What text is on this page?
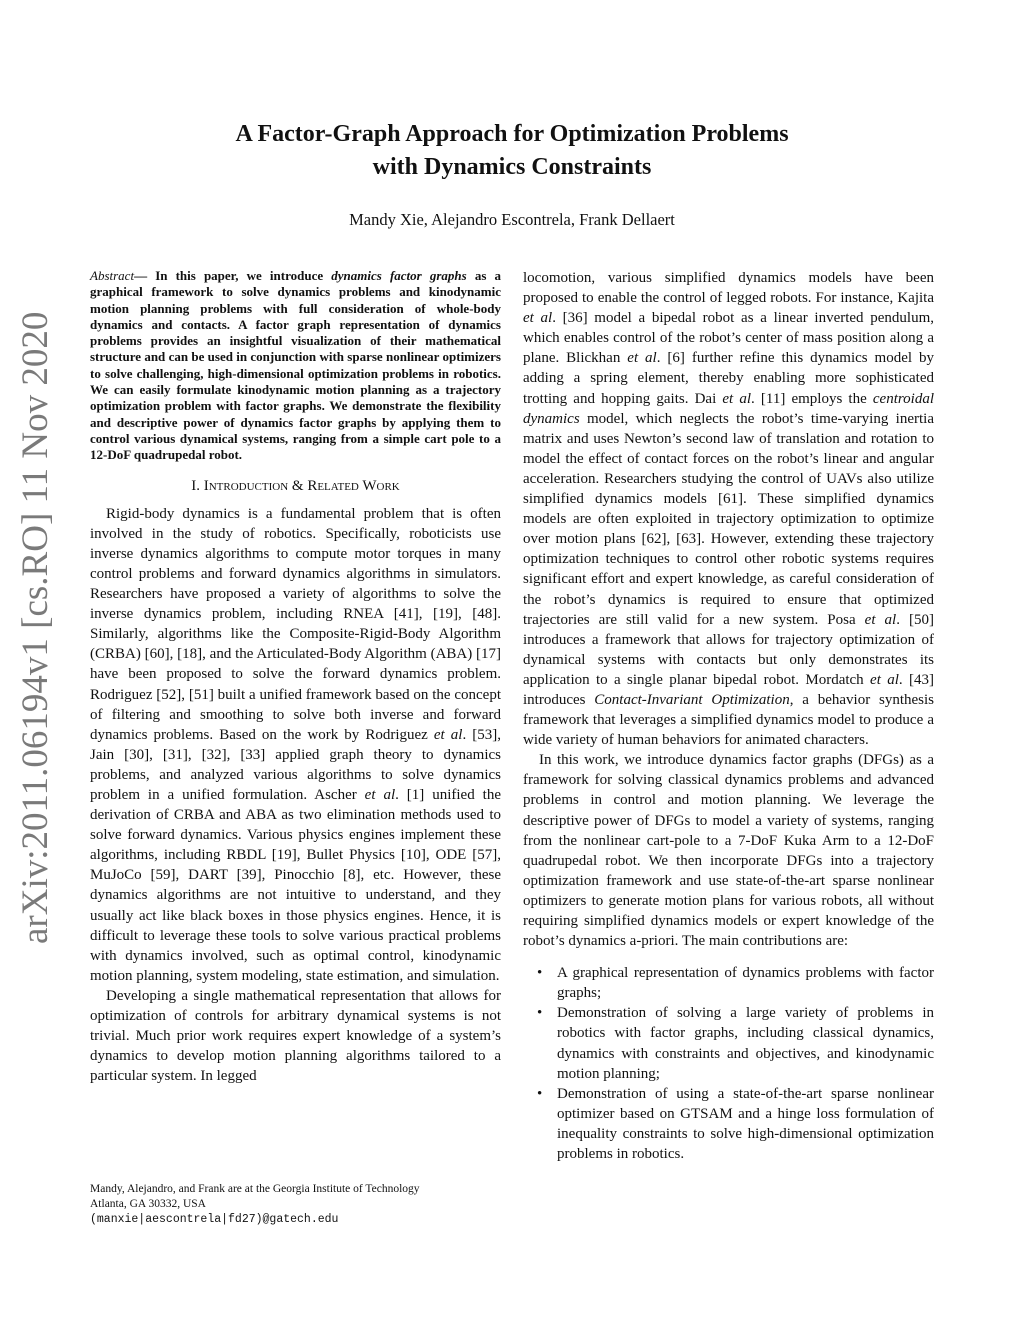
arXiv:2011.06194v1 [cs.RO] 11 Nov 2020
A Factor-Graph Approach for Optimization Problems
with Dynamics Constraints
Mandy Xie, Alejandro Escontrela, Frank Dellaert

Abstract— In this paper, we introduce dynamics factor graphs as a graphical framework to solve dynamics problems and kinodynamic motion planning problems with full consideration of whole-body dynamics and contacts. A factor graph representation of dynamics problems provides an insightful visualization of their mathematical structure and can be used in conjunction with sparse nonlinear optimizers to solve challenging, high-dimensional optimization problems in robotics. We can easily formulate kinodynamic motion planning as a trajectory optimization problem with factor graphs. We demonstrate the flexibility and descriptive power of dynamics factor graphs by applying them to control various dynamical systems, ranging from a simple cart pole to a 12-DoF quadrupedal robot.

I. Introduction & Related Work

Rigid-body dynamics is a fundamental problem that is often involved in the study of robotics. Specifically, roboticists use inverse dynamics algorithms to compute motor torques in many control problems and forward dynamics algorithms in simulators. Researchers have proposed a variety of algorithms to solve the inverse dynamics problem, including RNEA [41], [19], [48]. Similarly, algorithms like the Composite-Rigid-Body Algorithm (CRBA) [60], [18], and the Articulated-Body Algorithm (ABA) [17] have been proposed to solve the forward dynamics problem. Rodriguez [52], [51] built a unified framework based on the concept of filtering and smoothing to solve both inverse and forward dynamics problems. Based on the work by Rodriguez et al. [53], Jain [30], [31], [32], [33] applied graph theory to dynamics problems, and analyzed various algorithms to solve dynamics problem in a unified formulation. Ascher et al. [1] unified the derivation of CRBA and ABA as two elimination methods used to solve forward dynamics. Various physics engines implement these algorithms, including RBDL [19], Bullet Physics [10], ODE [57], MuJoCo [59], DART [39], Pinocchio [8], etc. However, these dynamics algorithms are not intuitive to understand, and they usually act like black boxes in those physics engines. Hence, it is difficult to leverage these tools to solve various practical problems with dynamics involved, such as optimal control, kinodynamic motion planning, system modeling, state estimation, and simulation.

Developing a single mathematical representation that allows for optimization of controls for arbitrary dynamical systems is not trivial. Much prior work requires expert knowledge of a system’s dynamics to develop motion planning algorithms tailored to a particular system. In legged

Mandy, Alejandro, and Frank are at the Georgia Institute of Technology
Atlanta, GA 30332, USA
(manxie|aescontrela|fd27)@gatech.edu

locomotion, various simplified dynamics models have been proposed to enable the control of legged robots. For instance, Kajita et al. [36] model a bipedal robot as a linear inverted pendulum, which enables control of the robot’s center of mass position along a plane. Blickhan et al. [6] further refine this dynamics model by adding a spring element, thereby enabling more sophisticated trotting and hopping gaits. Dai et al. [11] employs the centroidal dynamics model, which neglects the robot’s time-varying inertia matrix and uses Newton’s second law of translation and rotation to model the effect of contact forces on the robot’s linear and angular acceleration. Researchers studying the control of UAVs also utilize simplified dynamics models [61]. These simplified dynamics models are often exploited in trajectory optimization to optimize over motion plans [62], [63]. However, extending these trajectory optimization techniques to control other robotic systems requires significant effort and expert knowledge, as careful consideration of the robot’s dynamics is required to ensure that optimized trajectories are still valid for a new system. Posa et al. [50] introduces a framework that allows for trajectory optimization of dynamical systems with contacts but only demonstrates its application to a single planar bipedal robot. Mordatch et al. [43] introduces Contact-Invariant Optimization, a behavior synthesis framework that leverages a simplified dynamics model to produce a wide variety of human behaviors for animated characters.

In this work, we introduce dynamics factor graphs (DFGs) as a framework for solving classical dynamics problems and advanced problems in control and motion planning. We leverage the descriptive power of DFGs to model a variety of systems, ranging from the nonlinear cart-pole to a 7-DoF Kuka Arm to a 12-DoF quadrupedal robot. We then incorporate DFGs into a trajectory optimization framework and use state-of-the-art sparse nonlinear optimizers to generate motion plans for various robots, all without requiring simplified dynamics models or expert knowledge of the robot’s dynamics a-priori. The main contributions are:

• A graphical representation of dynamics problems with factor graphs;
• Demonstration of solving a large variety of problems in robotics with factor graphs, including classical dynamics, dynamics with constraints and objectives, and kinodynamic motion planning;
• Demonstration of using a state-of-the-art sparse nonlinear optimizer based on GTSAM and a hinge loss formulation of inequality constraints to solve high-dimensional optimization problems in robotics.
